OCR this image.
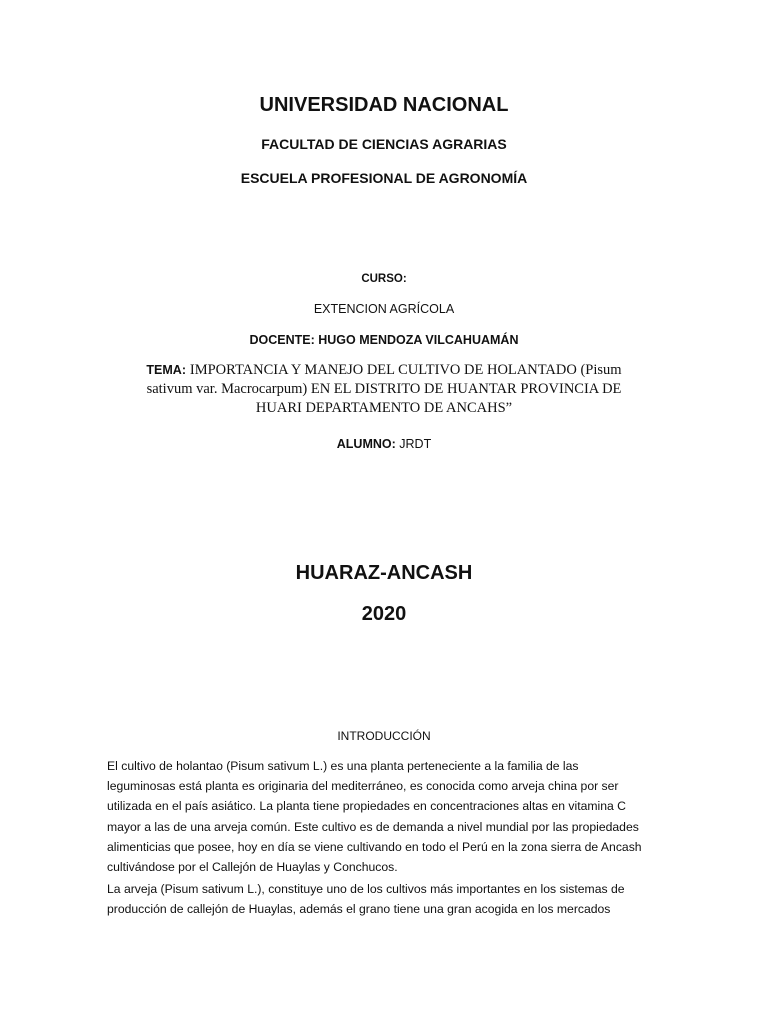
UNIVERSIDAD NACIONAL

FACULTAD DE CIENCIAS AGRARIAS

ESCUELA PROFESIONAL DE AGRONOMÍA

CURSO:

EXTENCION AGRÍCOLA

DOCENTE: HUGO MENDOZA VILCAHUAMÁN

TEMA: IMPORTANCIA Y MANEJO DEL CULTIVO DE HOLANTADO (Pisum
sativum var. Macrocarpum) EN EL DISTRITO DE HUANTAR PROVINCIA DE
HUARI DEPARTAMENTO DE ANCAHS”

ALUMNO: JRDT

HUARAZ-ANCASH

2020

INTRODUCCIÓN

El cultivo de holantao (Pisum sativum L.) es una planta perteneciente a la familia de las
leguminosas está planta es originaria del mediterráneo, es conocida como arveja china por ser
utilizada en el país asiático. La planta tiene propiedades en concentraciones altas en vitamina C
mayor a las de una arveja común. Este cultivo es de demanda a nivel mundial por las propiedades
alimenticias que posee, hoy en día se viene cultivando en todo el Perú en la zona sierra de Ancash
cultivándose por el Callejón de Huaylas y Conchucos.
La arveja (Pisum sativum L.), constituye uno de los cultivos más importantes en los sistemas de
producción de callejón de Huaylas, además el grano tiene una gran acogida en los mercados
